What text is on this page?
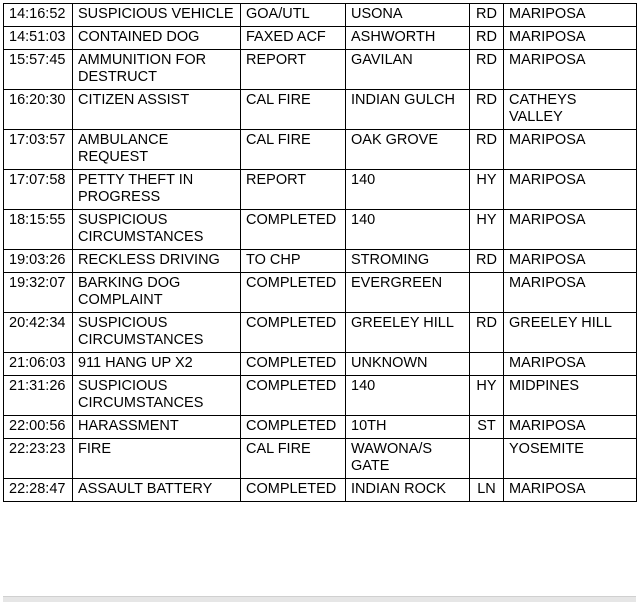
14:16:52	SUSPICIOUS VEHICLE	GOA/UTL	USONA	RD	MARIPOSA
14:51:03	CONTAINED DOG	FAXED ACF	ASHWORTH	RD	MARIPOSA
15:57:45	AMMUNITION FOR DESTRUCT	REPORT	GAVILAN	RD	MARIPOSA
16:20:30	CITIZEN ASSIST	CAL FIRE	INDIAN GULCH	RD	CATHEYS VALLEY
17:03:57	AMBULANCE REQUEST	CAL FIRE	OAK GROVE	RD	MARIPOSA
17:07:58	PETTY THEFT IN PROGRESS	REPORT	140	HY	MARIPOSA
18:15:55	SUSPICIOUS CIRCUMSTANCES	COMPLETED	140	HY	MARIPOSA
19:03:26	RECKLESS DRIVING	TO CHP	STROMING	RD	MARIPOSA
19:32:07	BARKING DOG COMPLAINT	COMPLETED	EVERGREEN		MARIPOSA
20:42:34	SUSPICIOUS CIRCUMSTANCES	COMPLETED	GREELEY HILL	RD	GREELEY HILL
21:06:03	911 HANG UP X2	COMPLETED	UNKNOWN		MARIPOSA
21:31:26	SUSPICIOUS CIRCUMSTANCES	COMPLETED	140	HY	MIDPINES
22:00:56	HARASSMENT	COMPLETED	10TH	ST	MARIPOSA
22:23:23	FIRE	CAL FIRE	WAWONA/S GATE		YOSEMITE
22:28:47	ASSAULT BATTERY	COMPLETED	INDIAN ROCK	LN	MARIPOSA
